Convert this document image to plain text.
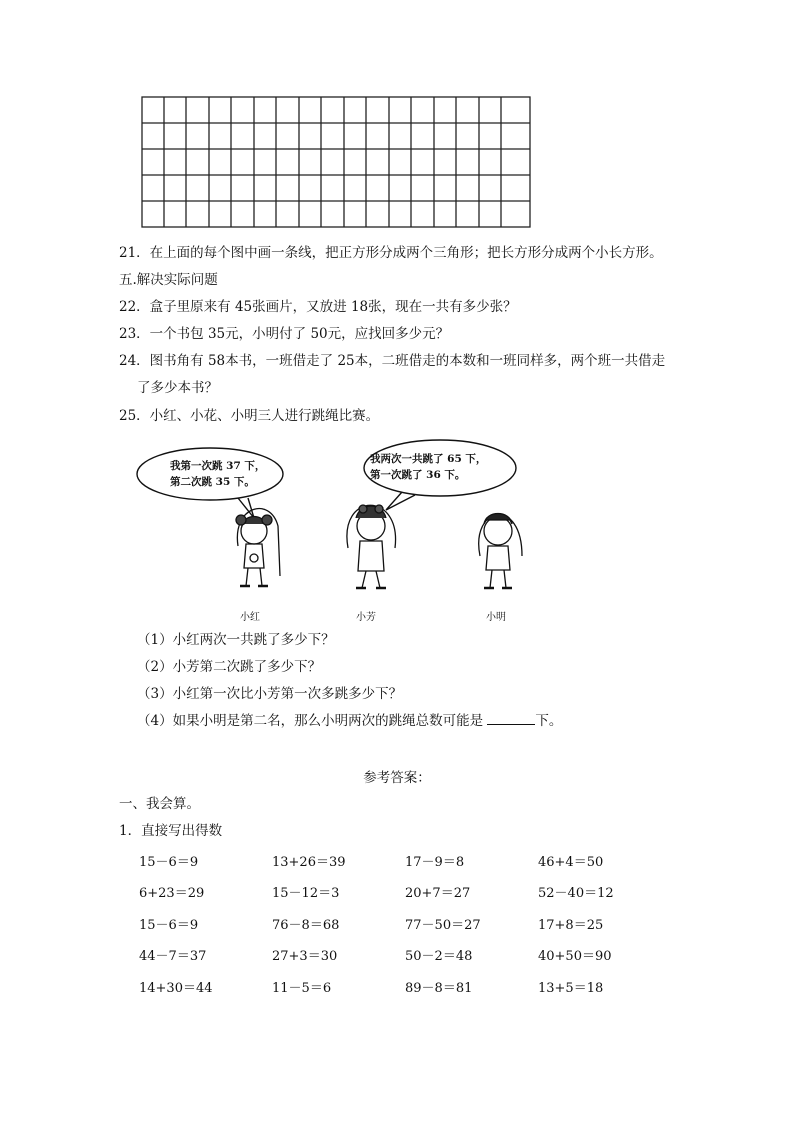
21．在上面的每个图中画一条线，把正方形分成两个三角形；把长方形分成两个小长方形。
五.解决实际问题
22．盒子里原来有 45张画片，又放进 18张，现在一共有多少张？
23．一个书包 35元，小明付了 50元，应找回多少元？
24．图书角有 58本书，一班借走了 25本，二班借走的本数和一班同样多，两个班一共借走
了多少本书？
25．小红、小花、小明三人进行跳绳比赛。
我第一次跳 37 下，
第二次跳 35 下。
我两次一共跳了 65 下，
第一次跳了 36 下。
小红	小芳	小明
（1）小红两次一共跳了多少下？
（2）小芳第二次跳了多少下？
（3）小红第一次比小芳第一次多跳多少下？
（4）如果小明是第二名，那么小明两次的跳绳总数可能是	下。
参考答案：
一、我会算。
1．直接写出得数
15－6＝9	13+26＝39	17－9＝8	46+4＝50
6+23＝29	15－12＝3	20+7＝27	52－40＝12
15－6＝9	76－8＝68	77－50＝27	17+8＝25
44－7＝37	27+3＝30	50－2＝48	40+50＝90
14+30＝44	11－5＝6	89－8＝81	13+5＝18
